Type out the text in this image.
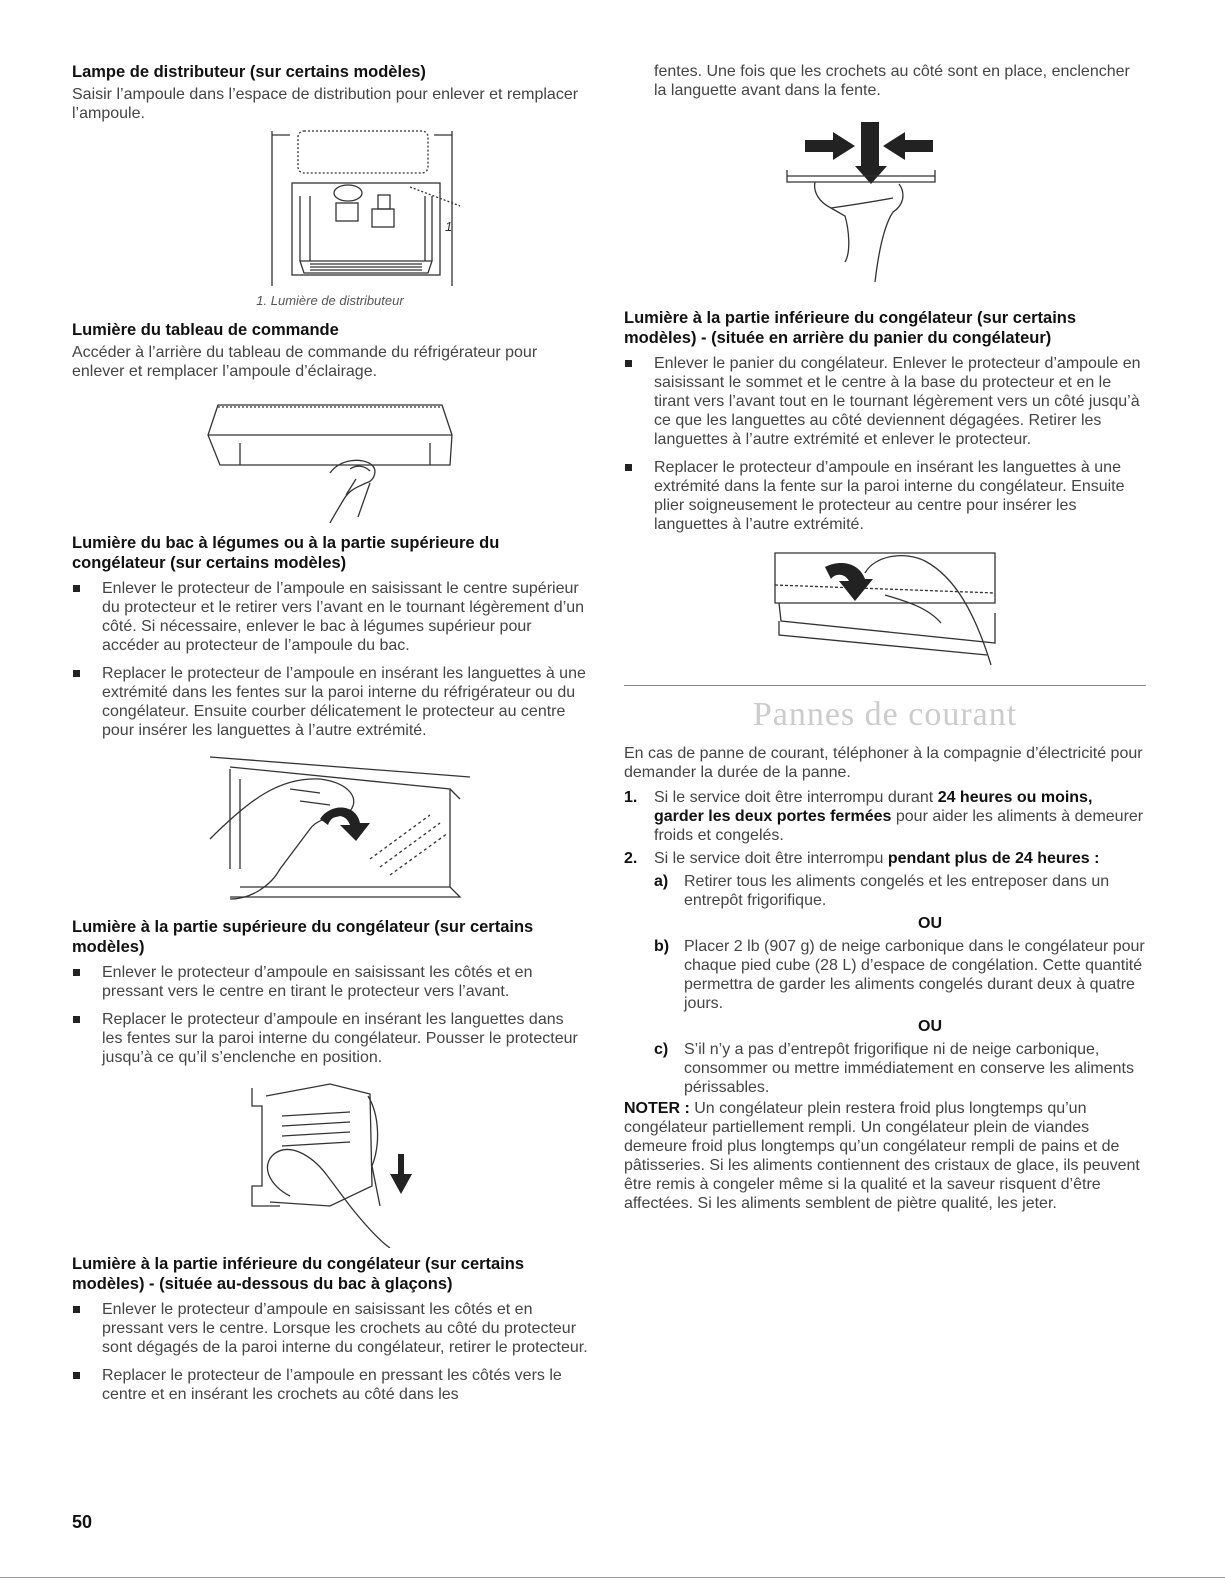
Lampe de distributeur (sur certains modèles)

Saisir l’ampoule dans l’espace de distribution pour enlever et remplacer l’ampoule.

1
1. Lumière de distributeur
Lumière du tableau de commande

Accéder à l’arrière du tableau de commande du réfrigérateur pour enlever et remplacer l’ampoule d’éclairage.

Lumière du bac à légumes ou à la partie supérieure du congélateur (sur certains modèles)
Enlever le protecteur de l’ampoule en saisissant le centre supérieur du protecteur et le retirer vers l’avant en le tournant légèrement d’un côté. Si nécessaire, enlever le bac à légumes supérieur pour accéder au protecteur de l’ampoule du bac.
Replacer le protecteur de l’ampoule en insérant les languettes à une extrémité dans les fentes sur la paroi interne du réfrigérateur ou du congélateur. Ensuite courber délicatement le protecteur au centre pour insérer les languettes à l’autre extrémité.
Lumière à la partie supérieure du congélateur (sur certains modèles)
Enlever le protecteur d’ampoule en saisissant les côtés et en pressant vers le centre en tirant le protecteur vers l’avant.
Replacer le protecteur d’ampoule en insérant les languettes dans les fentes sur la paroi interne du congélateur. Pousser le protecteur jusqu’à ce qu’il s’enclenche en position.
Lumière à la partie inférieure du congélateur (sur certains modèles) - (située au-dessous du bac à glaçons)
Enlever le protecteur d’ampoule en saisissant les côtés et en pressant vers le centre. Lorsque les crochets au côté du protecteur sont dégagés de la paroi interne du congélateur, retirer le protecteur.
Replacer le protecteur de l’ampoule en pressant les côtés vers le centre et en insérant les crochets au côté dans les

fentes. Une fois que les crochets au côté sont en place, enclencher la languette avant dans la fente.

Lumière à la partie inférieure du congélateur (sur certains modèles) - (située en arrière du panier du congélateur)
Enlever le panier du congélateur. Enlever le protecteur d’ampoule en saisissant le sommet et le centre à la base du protecteur et en le tirant vers l’avant tout en le tournant légèrement vers un côté jusqu’à ce que les languettes au côté deviennent dégagées. Retirer les languettes à l’autre extrémité et enlever le protecteur.
Replacer le protecteur d’ampoule en insérant les languettes à une extrémité dans la fente sur la paroi interne du congélateur. Ensuite plier soigneusement le protecteur au centre pour insérer les languettes à l’autre extrémité.
Pannes de courant

En cas de panne de courant, téléphoner à la compagnie d’électricité pour demander la durée de la panne.

1. Si le service doit être interrompu durant 24 heures ou moins, garder les deux portes fermées pour aider les aliments à demeurer froids et congelés.
2. Si le service doit être interrompu pendant plus de 24 heures :
a) Retirer tous les aliments congelés et les entreposer dans un entrepôt frigorifique.
OU
b) Placer 2 lb (907 g) de neige carbonique dans le congélateur pour chaque pied cube (28 L) d’espace de congélation. Cette quantité permettra de garder les aliments congelés durant deux à quatre jours.
OU
c) S’il n’y a pas d’entrepôt frigorifique ni de neige carbonique, consommer ou mettre immédiatement en conserve les aliments périssables.

NOTER : Un congélateur plein restera froid plus longtemps qu’un congélateur partiellement rempli. Un congélateur plein de viandes demeure froid plus longtemps qu’un congélateur rempli de pains et de pâtisseries. Si les aliments contiennent des cristaux de glace, ils peuvent être remis à congeler même si la qualité et la saveur risquent d’être affectées. Si les aliments semblent de piètre qualité, les jeter.

50
